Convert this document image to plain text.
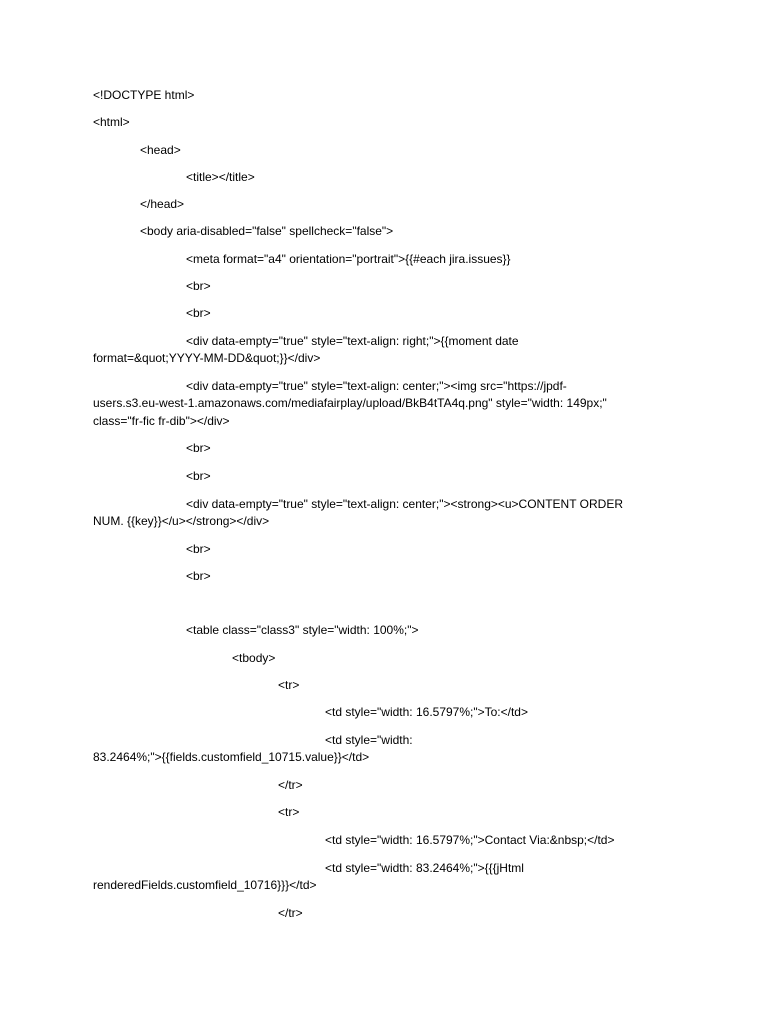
<!DOCTYPE html>

<html>

<head>

<title></title>

</head>

<body aria-disabled="false" spellcheck="false">

<meta format="a4" orientation="portrait">{{#each jira.issues}}

<br>

<br>

<div data-empty="true" style="text-align: right;">{{moment date

format=&quot;YYYY-MM-DD&quot;}}</div>

<div data-empty="true" style="text-align: center;"><img src="https://jpdf-

users.s3.eu-west-1.amazonaws.com/mediafairplay/upload/BkB4tTA4q.png" style="width: 149px;"

class="fr-fic fr-dib"></div>

<br>

<br>

<div data-empty="true" style="text-align: center;"><strong><u>CONTENT ORDER

NUM. {{key}}</u></strong></div>

<br>

<br>

<table class="class3" style="width: 100%;">

<tbody>

<tr>

<td style="width: 16.5797%;">To:</td>

<td style="width:

83.2464%;">{{fields.customfield_10715.value}}</td>

</tr>

<tr>

<td style="width: 16.5797%;">Contact Via:&nbsp;</td>

<td style="width: 83.2464%;">{{{jHtml

renderedFields.customfield_10716}}}</td>

</tr>
